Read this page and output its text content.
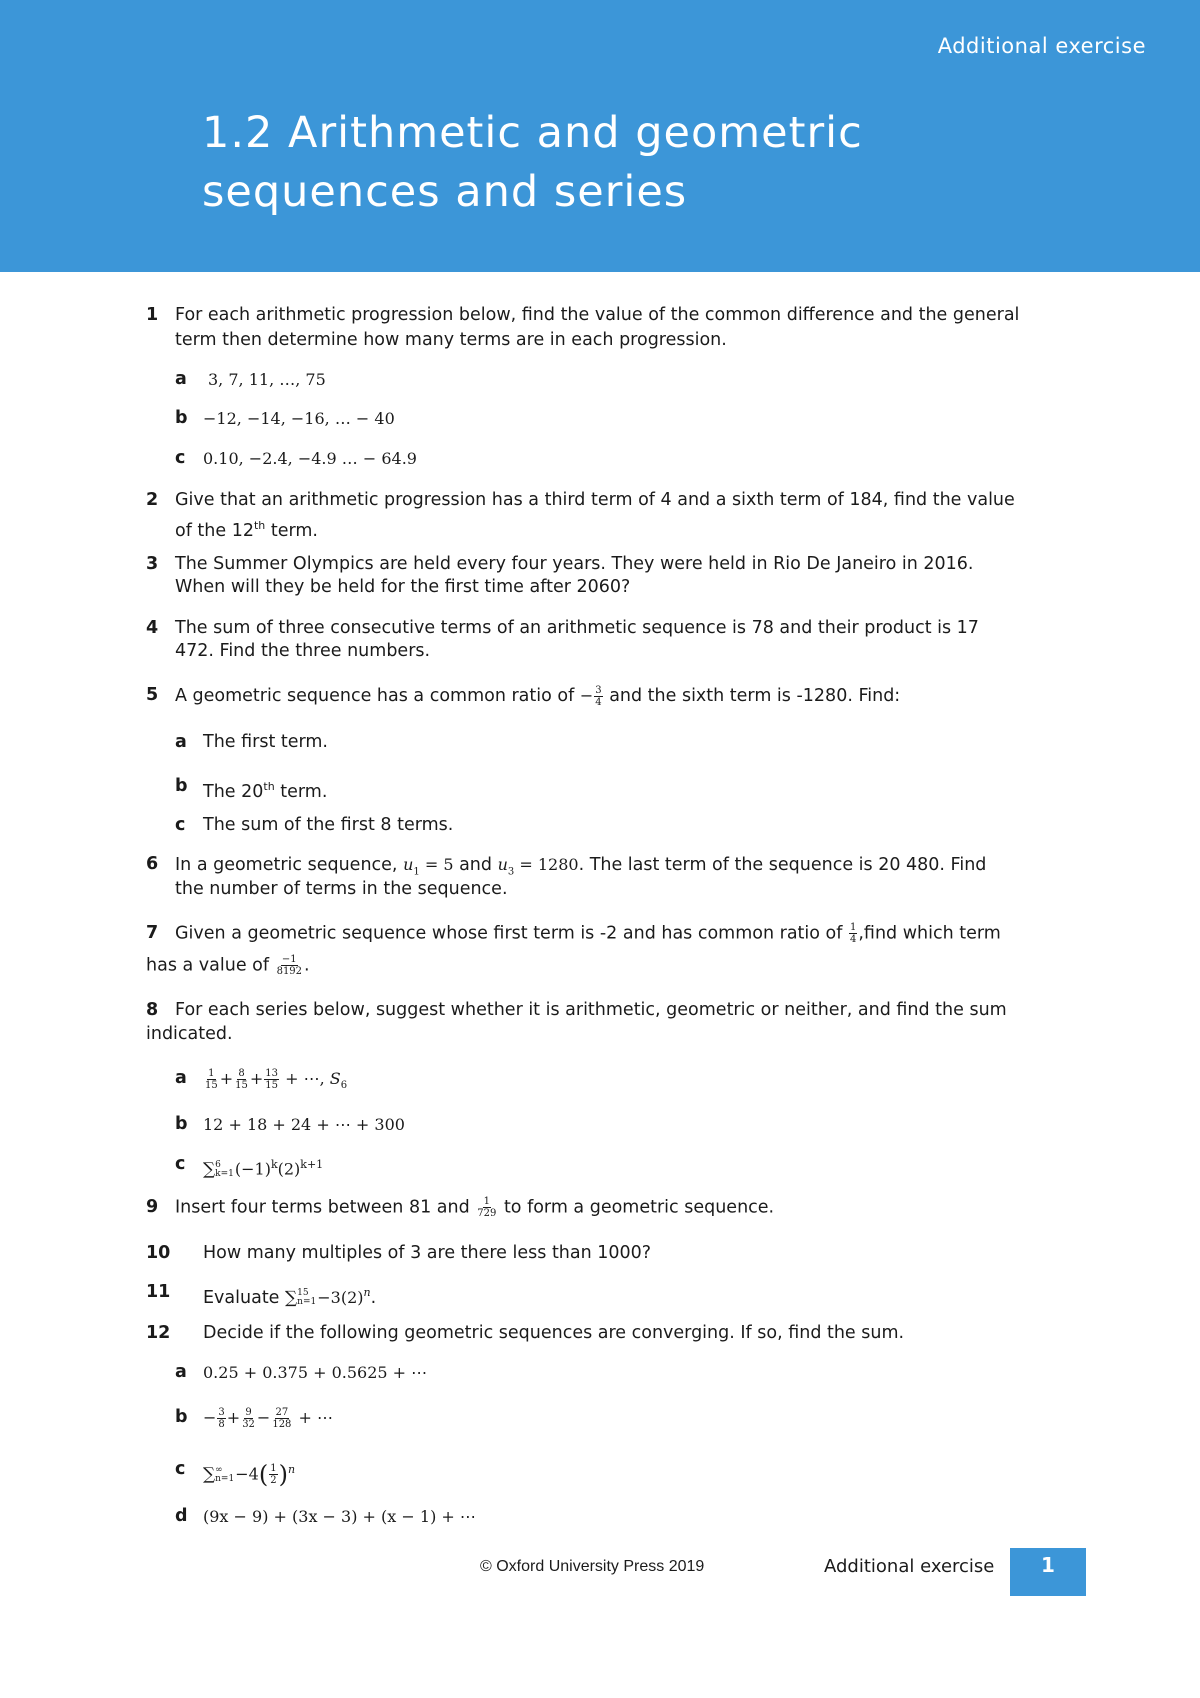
Additional exercise
1.2 Arithmetic and geometric sequences and series
1 For each arithmetic progression below, find the value of the common difference and the general
term then determine how many terms are in each progression.
a 3, 7, 11, …, 75
b −12, −14, −16, … − 40
c 0.10, −2.4, −4.9 … − 64.9
2 Give that an arithmetic progression has a third term of 4 and a sixth term of 184, find the value
of the 12th term.
3 The Summer Olympics are held every four years. They were held in Rio De Janeiro in 2016.
When will they be held for the first time after 2060?
4 The sum of three consecutive terms of an arithmetic sequence is 78 and their product is 17
472. Find the three numbers.
5 A geometric sequence has a common ratio of − $\frac{3}{4}$ and the sixth term is -1280. Find:
a The first term.
b The 20th term.
c The sum of the first 8 terms.
6 In a geometric sequence, $u_1 = 5$ and $u_3 = 1280$. The last term of the sequence is 20 480. Find
the number of terms in the sequence.
7 Given a geometric sequence whose first term is -2 and has common ratio of $\frac{1}{4}$ ,find which term
has a value of $\frac{-1}{8192}$ .
8 For each series below, suggest whether it is arithmetic, geometric or neither, and find the sum
indicated.
a $\frac{1}{15} + \frac{8}{15} + \frac{13}{15}$ + ⋯, $S_6$
b 12 + 18 + 24 + ⋯ + 300
c ∑ 6
k=1 $(-1)^k(2)^{k+1}$
9 Insert four terms between 81 and $\frac{1}{729}$ to form a geometric sequence.
10 How many multiples of 3 are there less than 1000?
11 Evaluate ∑ 15
$n=1 -3(2)^n$.
12 Decide if the following geometric sequences are converging. If so, find the sum.
a 0.25 + 0.375 + 0.5625 + ⋯
$b - \frac{3}{8} + \frac{9}{32} - \frac{27}{128}$ + ⋯
c ∑ ∞
$n=1 -4( \frac{1}{2} )^n$
d (9x − 9) + (3x − 3) + (x − 1) + ⋯
© Oxford University Press 2019	Additional exercise	1
